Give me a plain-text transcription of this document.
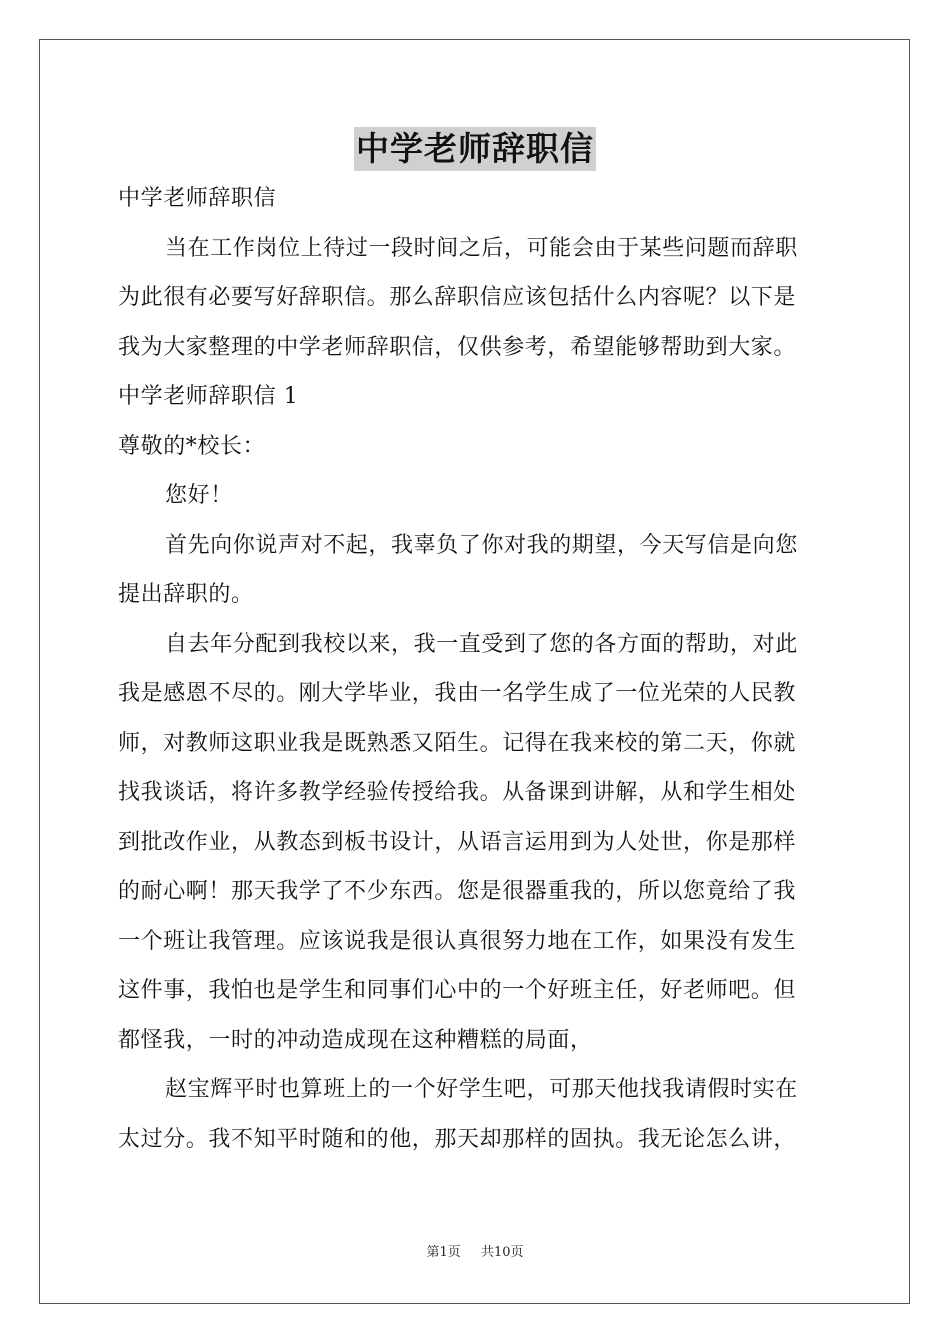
中学老师辞职信
中学老师辞职信
当在工作岗位上待过一段时间之后，可能会由于某些问题而辞职
为此很有必要写好辞职信。那么辞职信应该包括什么内容呢？以下是
我为大家整理的中学老师辞职信，仅供参考，希望能够帮助到大家。
中学老师辞职信 1
尊敬的*校长：
您好！
首先向你说声对不起，我辜负了你对我的期望，今天写信是向您
提出辞职的。
自去年分配到我校以来，我一直受到了您的各方面的帮助，对此
我是感恩不尽的。刚大学毕业，我由一名学生成了一位光荣的人民教
师，对教师这职业我是既熟悉又陌生。记得在我来校的第二天，你就
找我谈话，将许多教学经验传授给我。从备课到讲解，从和学生相处
到批改作业，从教态到板书设计，从语言运用到为人处世，你是那样
的耐心啊！那天我学了不少东西。您是很器重我的，所以您竟给了我
一个班让我管理。应该说我是很认真很努力地在工作，如果没有发生
这件事，我怕也是学生和同事们心中的一个好班主任，好老师吧。但
都怪我，一时的冲动造成现在这种糟糕的局面，
赵宝辉平时也算班上的一个好学生吧，可那天他找我请假时实在
太过分。我不知平时随和的他，那天却那样的固执。我无论怎么讲，
第1页 共10页
